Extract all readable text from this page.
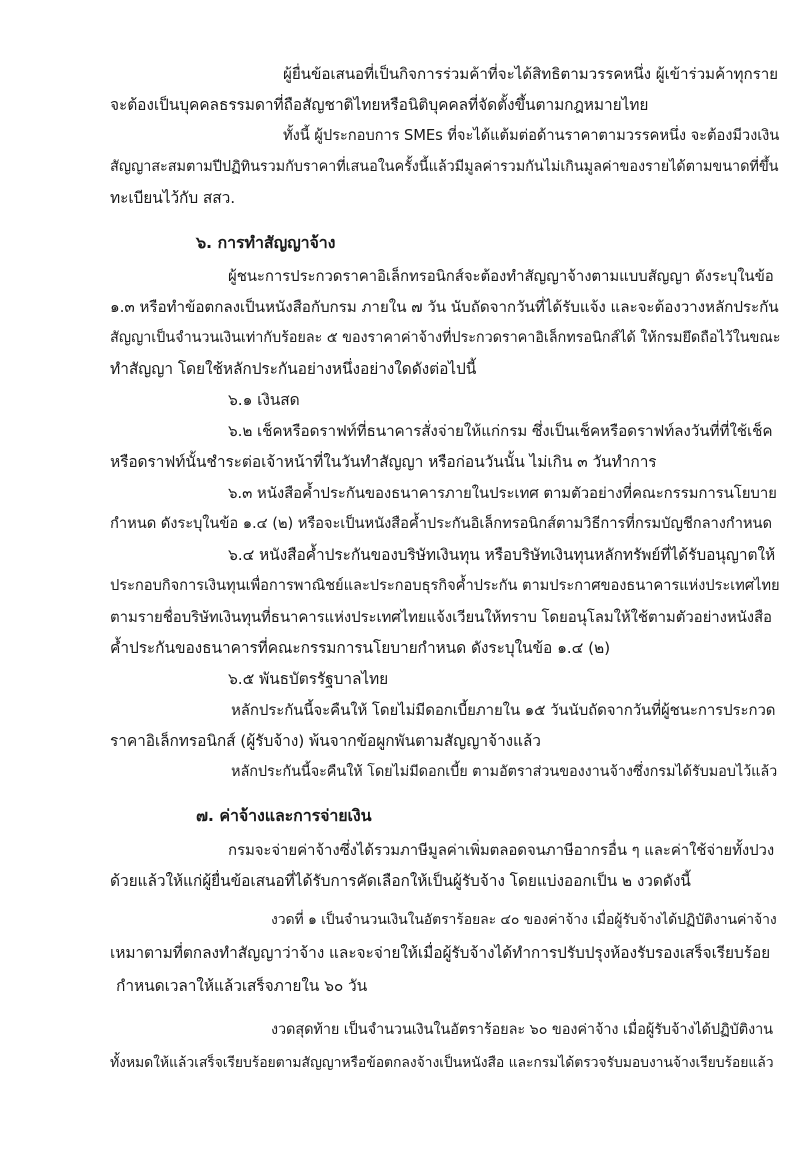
ผู้ยื่นข้อเสนอที่เป็นกิจการร่วมค้าที่จะได้สิทธิตามวรรคหนึ่ง ผู้เข้าร่วมค้าทุกราย
จะต้องเป็นบุคคลธรรมดาที่ถือสัญชาติไทยหรือนิติบุคคลที่จัดตั้งขึ้นตามกฎหมายไทย
ทั้งนี้ ผู้ประกอบการ SMEs ที่จะได้แต้มต่อด้านราคาตามวรรคหนึ่ง จะต้องมีวงเงิน
สัญญาสะสมตามปีปฏิทินรวมกับราคาที่เสนอในครั้งนี้แล้วมีมูลค่ารวมกันไม่เกินมูลค่าของรายได้ตามขนาดที่ขึ้น
ทะเบียนไว้กับ สสว.
๖. การทำสัญญาจ้าง
ผู้ชนะการประกวดราคาอิเล็กทรอนิกส์จะต้องทำสัญญาจ้างตามแบบสัญญา ดังระบุในข้อ
๑.๓ หรือทำข้อตกลงเป็นหนังสือกับกรม ภายใน ๗ วัน นับถัดจากวันที่ได้รับแจ้ง และจะต้องวางหลักประกัน
สัญญาเป็นจำนวนเงินเท่ากับร้อยละ ๕ ของราคาค่าจ้างที่ประกวดราคาอิเล็กทรอนิกส์ได้ ให้กรมยึดถือไว้ในขณะ
ทำสัญญา โดยใช้หลักประกันอย่างหนึ่งอย่างใดดังต่อไปนี้
๖.๑ เงินสด
๖.๒ เช็คหรือดราฟท์ที่ธนาคารสั่งจ่ายให้แก่กรม ซึ่งเป็นเช็คหรือดราฟท์ลงวันที่ที่ใช้เช็ค
หรือดราฟท์นั้นชำระต่อเจ้าหน้าที่ในวันทำสัญญา หรือก่อนวันนั้น ไม่เกิน ๓ วันทำการ
๖.๓ หนังสือค้ำประกันของธนาคารภายในประเทศ ตามตัวอย่างที่คณะกรรมการนโยบาย
กำหนด ดังระบุในข้อ ๑.๔ (๒) หรือจะเป็นหนังสือค้ำประกันอิเล็กทรอนิกส์ตามวิธีการที่กรมบัญชีกลางกำหนด
๖.๔ หนังสือค้ำประกันของบริษัทเงินทุน หรือบริษัทเงินทุนหลักทรัพย์ที่ได้รับอนุญาตให้
ประกอบกิจการเงินทุนเพื่อการพาณิชย์และประกอบธุรกิจค้ำประกัน ตามประกาศของธนาคารแห่งประเทศไทย
ตามรายชื่อบริษัทเงินทุนที่ธนาคารแห่งประเทศไทยแจ้งเวียนให้ทราบ โดยอนุโลมให้ใช้ตามตัวอย่างหนังสือ
ค้ำประกันของธนาคารที่คณะกรรมการนโยบายกำหนด ดังระบุในข้อ ๑.๔ (๒)
๖.๕ พันธบัตรรัฐบาลไทย
หลักประกันนี้จะคืนให้ โดยไม่มีดอกเบี้ยภายใน ๑๕ วันนับถัดจากวันที่ผู้ชนะการประกวด
ราคาอิเล็กทรอนิกส์ (ผู้รับจ้าง) พ้นจากข้อผูกพันตามสัญญาจ้างแล้ว
หลักประกันนี้จะคืนให้ โดยไม่มีดอกเบี้ย ตามอัตราส่วนของงานจ้างซึ่งกรมได้รับมอบไว้แล้ว
๗. ค่าจ้างและการจ่ายเงิน
กรมจะจ่ายค่าจ้างซึ่งได้รวมภาษีมูลค่าเพิ่มตลอดจนภาษีอากรอื่น ๆ และค่าใช้จ่ายทั้งปวง
ด้วยแล้วให้แก่ผู้ยื่นข้อเสนอที่ได้รับการคัดเลือกให้เป็นผู้รับจ้าง โดยแบ่งออกเป็น ๒ งวดดังนี้
งวดที่ ๑ เป็นจำนวนเงินในอัตราร้อยละ ๔๐ ของค่าจ้าง เมื่อผู้รับจ้างได้ปฏิบัติงานค่าจ้าง
เหมาตามที่ตกลงทำสัญญาว่าจ้าง และจะจ่ายให้เมื่อผู้รับจ้างได้ทำการปรับปรุงห้องรับรองเสร็จเรียบร้อย
กำหนดเวลาให้แล้วเสร็จภายใน ๖๐ วัน
งวดสุดท้าย เป็นจำนวนเงินในอัตราร้อยละ ๖๐ ของค่าจ้าง เมื่อผู้รับจ้างได้ปฏิบัติงาน
ทั้งหมดให้แล้วเสร็จเรียบร้อยตามสัญญาหรือข้อตกลงจ้างเป็นหนังสือ และกรมได้ตรวจรับมอบงานจ้างเรียบร้อยแล้ว
